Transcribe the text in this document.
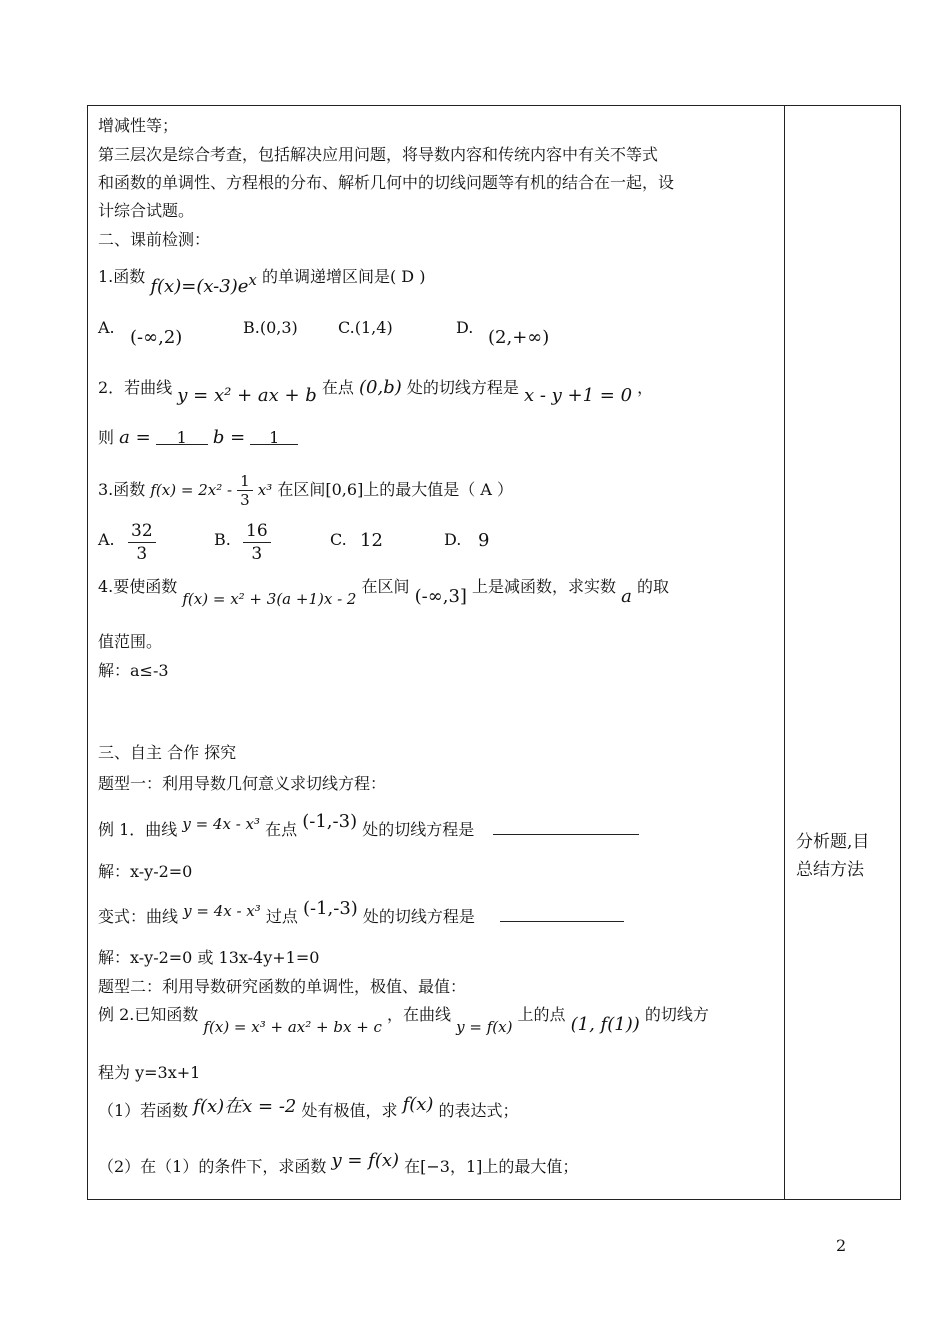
增减性等；
第三层次是综合考查，包括解决应用问题，将导数内容和传统内容中有关不等式
和函数的单调性、方程根的分布、解析几何中的切线问题等有机的结合在一起，设
计综合试题。
二、课前检测：
1.函数 $f(x)=(x-3)e^x$ 的单调递增区间是( D )
A. (-∞,2)	B.(0,3)	C.(1,4)	D. (2,+∞)
2．若曲线 y = x² + ax + b 在点 (0,b) 处的切线方程是 x - y +1 = 0 ，
则 a = 1 b = 1
3.函数 $f(x) = 2x^2 - \frac{1}{3} x^3$ 在区间[0,6]上的最大值是（ A ）
A. $\frac{32}{3}$	B. $\frac{16}{3}$	C. 12	D. 9
4.要使函数 f(x) = x² + 3(a +1)x - 2 在区间 (-∞,3] 上是减函数，求实数 a 的取
值范围。
解：a≤-3
三、自主 合作 探究
题型一：利用导数几何意义求切线方程：
例 1．曲线 y = 4x - x³ 在点 (-1,-3) 处的切线方程是
解：x-y-2=0
变式：曲线 y = 4x - x³ 过点 (-1,-3) 处的切线方程是
解：x-y-2=0 或 13x-4y+1=0
题型二：利用导数研究函数的单调性，极值、最值：
例 2.已知函数 f(x) = x³ + ax² + bx + c ，在曲线 y = f(x) 上的点 (1, f(1)) 的切线方
程为 y=3x+1
（1）若函数 f(x)在x = -2 处有极值，求 f(x) 的表达式；
（2）在（1）的条件下，求函数 y = f(x) 在[−3，1]上的最大值；
分析题,目
总结方法
2
